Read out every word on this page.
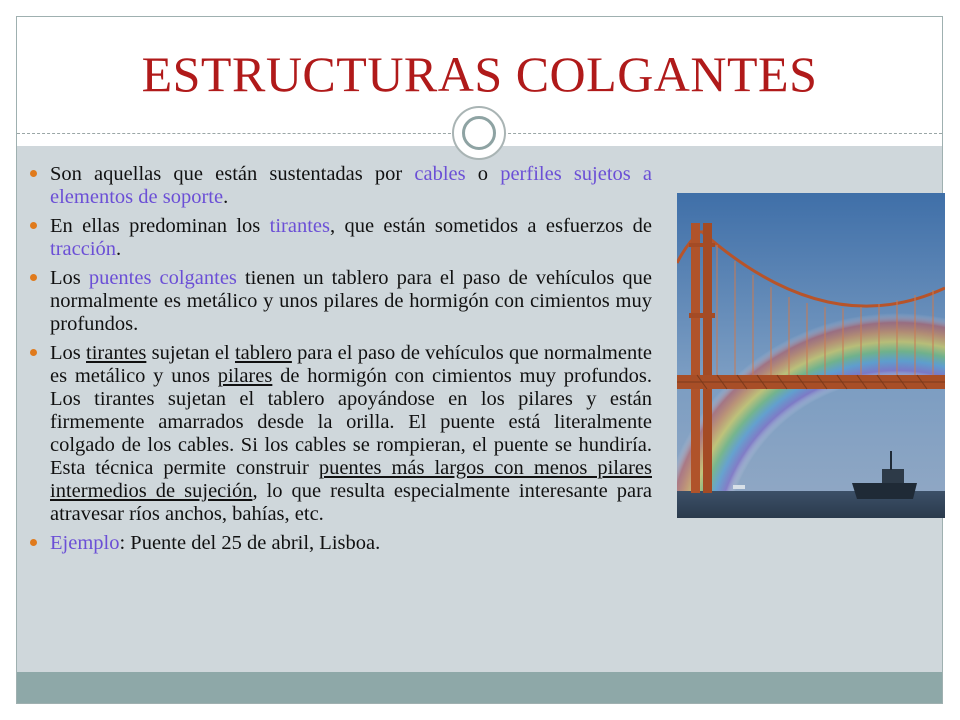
ESTRUCTURAS COLGANTES
Son aquellas que están sustentadas por cables o perfiles sujetos a elementos de soporte.
En ellas predominan los tirantes, que están sometidos a esfuerzos de tracción.
Los puentes colgantes tienen un tablero para el paso de vehículos que normalmente es metálico y unos pilares de hormigón con cimientos muy profundos.
Los tirantes sujetan el tablero para el paso de vehículos que normalmente es metálico y unos pilares de hormigón con cimientos muy profundos. Los tirantes sujetan el tablero apoyándose en los pilares y están firmemente amarrados desde la orilla. El puente está literalmente colgado de los cables. Si los cables se rompieran, el puente se hundiría. Esta técnica permite construir puentes más largos con menos pilares intermedios de sujeción, lo que resulta especialmente interesante para atravesar ríos anchos, bahías, etc.
Ejemplo: Puente del 25 de abril, Lisboa.
